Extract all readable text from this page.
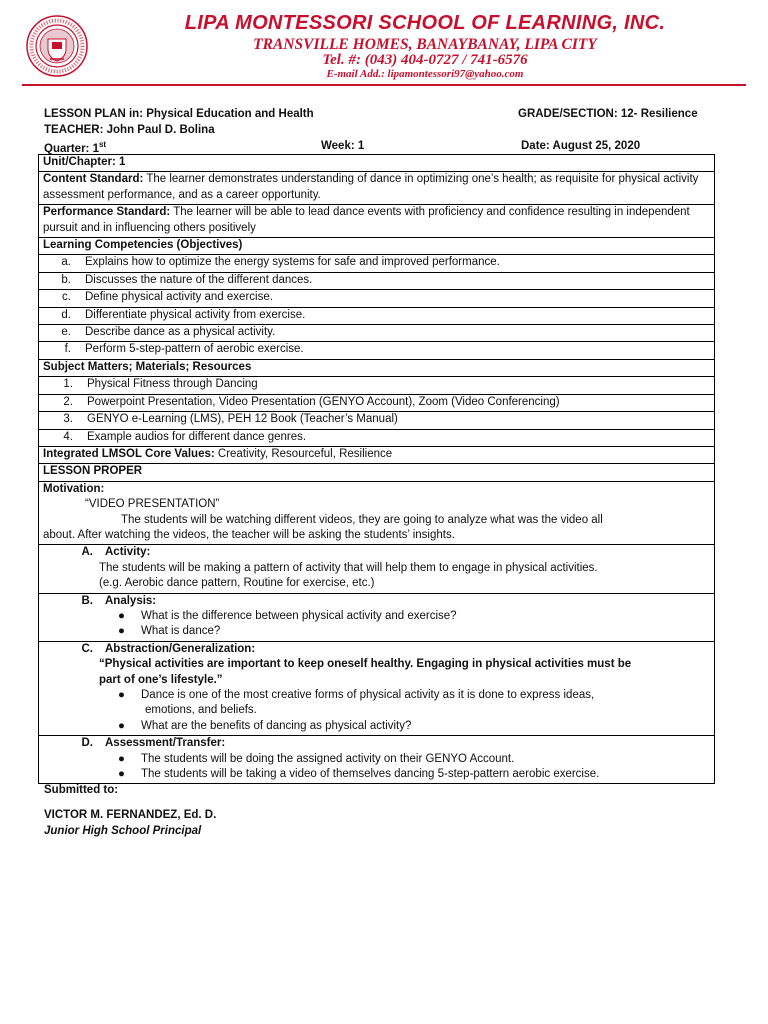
LIPA MONTESSORI SCHOOL OF LEARNING, INC.
TRANSVILLE HOMES, BANAYBANAY, LIPA CITY
Tel. #: (043) 404-0727 / 741-6576
E-mail Add.: lipamontessori97@yahoo.com
LESSON PLAN in: Physical Education and Health	GRADE/SECTION: 12- Resilience
TEACHER: John Paul D. Bolina
Quarter: 1st	Week: 1	Date: August 25, 2020
Unit/Chapter: 1
Content Standard: The learner demonstrates understanding of dance in optimizing one’s health; as requisite for physical activity assessment performance, and as a career opportunity.
Performance Standard: The learner will be able to lead dance events with proficiency and confidence resulting in independent pursuit and in influencing others positively
Learning Competencies (Objectives)
a. Explains how to optimize the energy systems for safe and improved performance.
b. Discusses the nature of the different dances.
c. Define physical activity and exercise.
d. Differentiate physical activity from exercise.
e. Describe dance as a physical activity.
f. Perform 5-step-pattern of aerobic exercise.
Subject Matters; Materials; Resources
1. Physical Fitness through Dancing
2. Powerpoint Presentation, Video Presentation (GENYO Account), Zoom (Video Conferencing)
3. GENYO e-Learning (LMS), PEH 12 Book (Teacher’s Manual)
4. Example audios for different dance genres.
Integrated LMSOL Core Values: Creativity, Resourceful, Resilience
LESSON PROPER

Motivation:
“VIDEO PRESENTATION”
The students will be watching different videos, they are going to analyze what was the video all
about. After watching the videos, the teacher will be asking the students’ insights.

A. Activity:
The students will be making a pattern of activity that will help them to engage in physical activities.
(e.g. Aerobic dance pattern, Routine for exercise, etc.)

B. Analysis:
● What is the difference between physical activity and exercise?
● What is dance?

C. Abstraction/Generalization:
“Physical activities are important to keep oneself healthy. Engaging in physical activities must be
part of one’s lifestyle.”
● Dance is one of the most creative forms of physical activity as it is done to express ideas,
emotions, and beliefs.
● What are the benefits of dancing as physical activity?

D. Assessment/Transfer:
● The students will be doing the assigned activity on their GENYO Account.
● The students will be taking a video of themselves dancing 5-step-pattern aerobic exercise.
Submitted to:
VICTOR M. FERNANDEZ, Ed. D.
Junior High School Principal
